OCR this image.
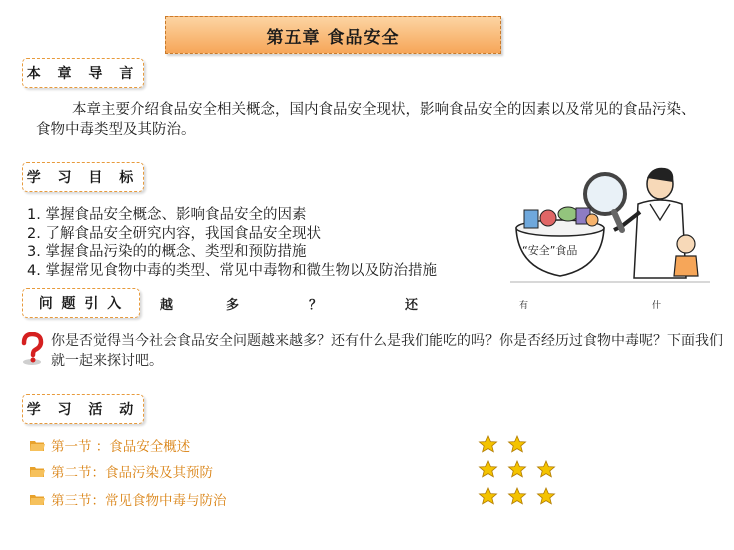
第五章 食品安全
本 章 导 言
本章主要介绍食品安全相关概念，国内食品安全现状，影响食品安全的因素以及常见的食品污染、食物中毒类型及其防治。
学 习 目 标
1. 掌握食品安全概念、影响食品安全的因素
2. 了解食品安全研究内容，我国食品安全现状
3. 掌握食品污染的的概念、类型和预防措施
4. 掌握常见食物中毒的类型、常见中毒物和微生物以及防治措施
“安全”食品
问 题 引 入	越	多	？	还	有	什
你是否觉得当今社会食品安全问题越来越多？还有什么是我们能吃的吗？你是否经历过食物中毒呢？下面我们就一起来探讨吧。
学 习 活 动
第一节 ：食品安全概述
第二节：食品污染及其预防
第三节：常见食物中毒与防治
